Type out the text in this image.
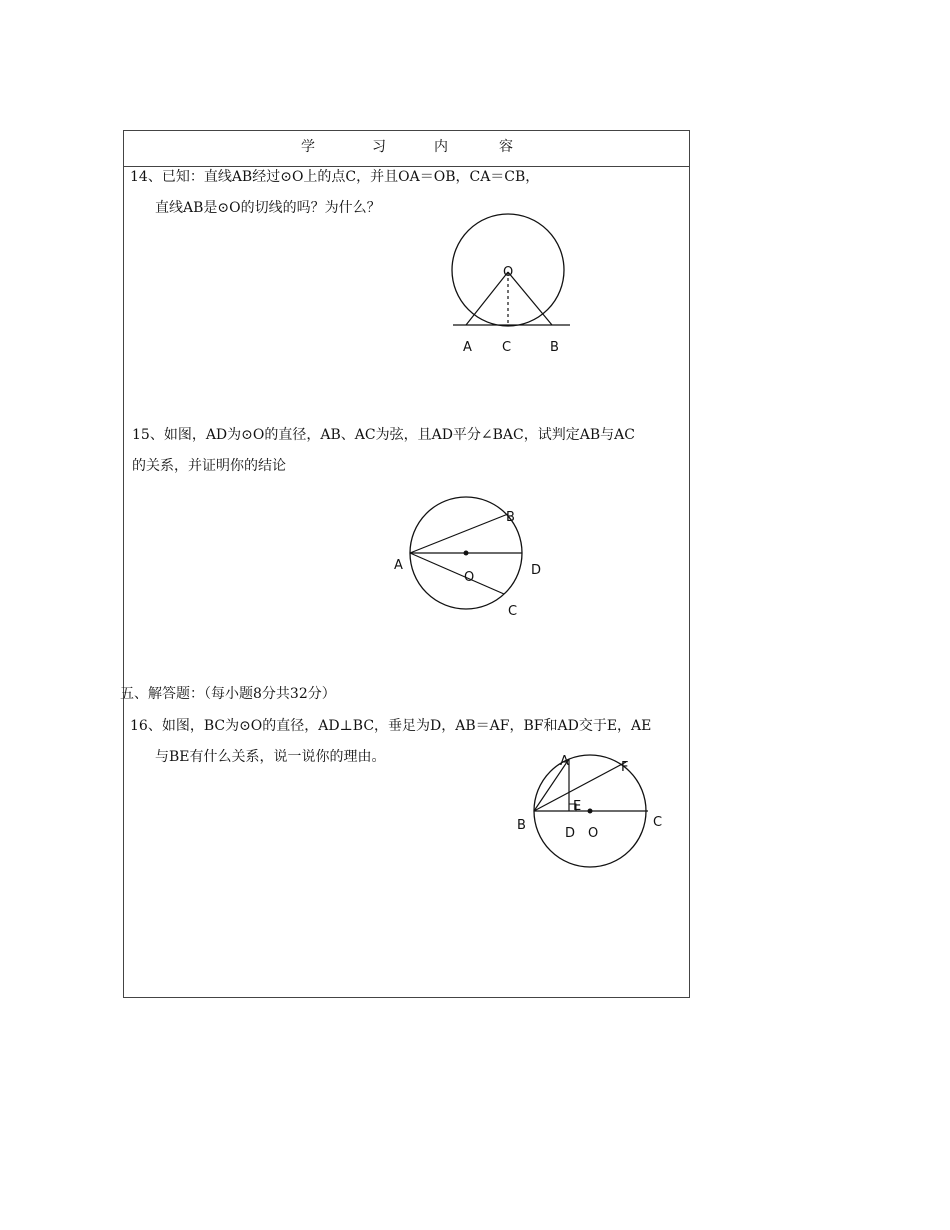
学	习	内	容
14、已知：直线AB经过⊙O上的点C，并且OA＝OB，CA＝CB，
直线AB是⊙O的切线的吗？为什么？
O
A C	B
15、如图，AD为⊙O的直径，AB、AC为弦，且AD平分∠BAC，试判定AB与AC
的关系，并证明你的结论
B
A	D
O
C
五、解答题：（每小题8分共32分）
16、如图，BC为⊙O的直径，AD⊥BC，垂足为D，AB＝AF，BF和AD交于E，AE
与BE有什么关系，说一说你的理由。	A	F
E
B
D O
C
